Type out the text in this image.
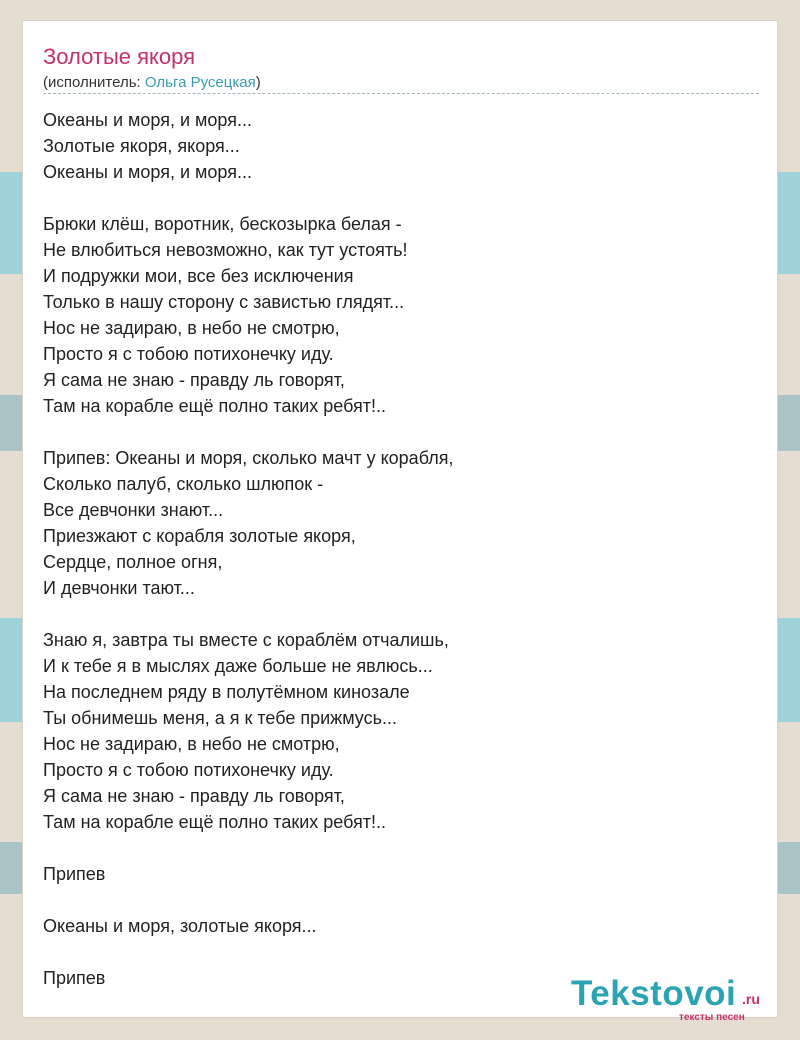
Золотые якоря
(исполнитель: Ольга Русецкая)
Океаны и моря, и моря...
Золотые якоря, якоря...
Океаны и моря, и моря...
Брюки клёш, воротник, бескозырка белая -
Не влюбиться невозможно, как тут устоять!
И подружки мои, все без исключения
Только в нашу сторону с завистью глядят...
Нос не задираю, в небо не смотрю,
Просто я с тобою потихонечку иду.
Я сама не знаю - правду ль говорят,
Там на корабле ещё полно таких ребят!..
Припев: Океаны и моря, сколько мачт у корабля,
Сколько палуб, сколько шлюпок -
Все девчонки знают...
Приезжают с корабля золотые якоря,
Сердце, полное огня,
И девчонки тают...
Знаю я, завтра ты вместе с кораблём отчалишь,
И к тебе я в мыслях даже больше не явлюсь...
На последнем ряду в полутёмном кинозале
Ты обнимешь меня, а я к тебе прижмусь...
Нос не задираю, в небо не смотрю,
Просто я с тобою потихонечку иду.
Я сама не знаю - правду ль говорят,
Там на корабле ещё полно таких ребят!..
Припев
Океаны и моря, золотые якоря...
Припев	Tekstovoi .ru
тексты песен
